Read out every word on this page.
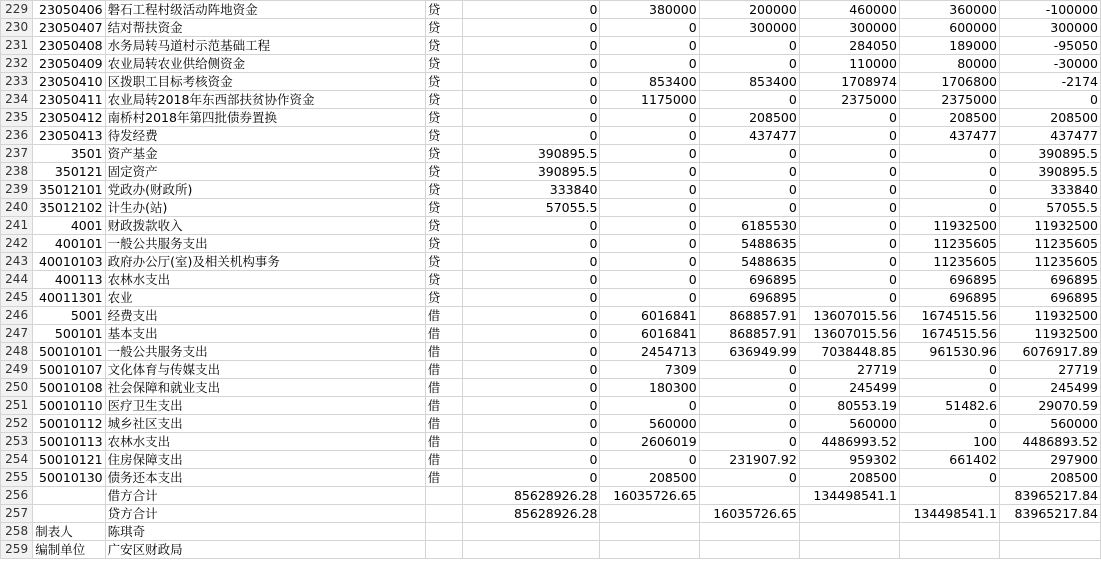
229	23050406	磐石工程村级活动阵地资金	贷	0	380000	200000	460000	360000	-100000
230	23050407	结对帮扶资金	贷	0	0	300000	300000	600000	300000
231	23050408	水务局转马道村示范基础工程	贷	0	0	0	284050	189000	-95050
232	23050409	农业局转农业供给侧资金	贷	0	0	0	110000	80000	-30000
233	23050410	区拨职工目标考核资金	贷	0	853400	853400	1708974	1706800	-2174
234	23050411	农业局转2018年东西部扶贫协作资金	贷	0	1175000	0	2375000	2375000	0
235	23050412	南桥村2018年第四批债券置换	贷	0	0	208500	0	208500	208500
236	23050413	待发经费	贷	0	0	437477	0	437477	437477
237	3501	资产基金	贷	390895.5	0	0	0	0	390895.5
238	350121	固定资产	贷	390895.5	0	0	0	0	390895.5
239	35012101	党政办(财政所)	贷	333840	0	0	0	0	333840
240	35012102	计生办(站)	贷	57055.5	0	0	0	0	57055.5
241	4001	财政拨款收入	贷	0	0	6185530	0	11932500	11932500
242	400101	一般公共服务支出	贷	0	0	5488635	0	11235605	11235605
243	40010103	政府办公厅(室)及相关机构事务	贷	0	0	5488635	0	11235605	11235605
244	400113	农林水支出	贷	0	0	696895	0	696895	696895
245	40011301	农业	贷	0	0	696895	0	696895	696895
246	5001	经费支出	借	0	6016841	868857.91	13607015.56	1674515.56	11932500
247	500101	基本支出	借	0	6016841	868857.91	13607015.56	1674515.56	11932500
248	50010101	一般公共服务支出	借	0	2454713	636949.99	7038448.85	961530.96	6076917.89
249	50010107	文化体育与传媒支出	借	0	7309	0	27719	0	27719
250	50010108	社会保障和就业支出	借	0	180300	0	245499	0	245499
251	50010110	医疗卫生支出	借	0	0	0	80553.19	51482.6	29070.59
252	50010112	城乡社区支出	借	0	560000	0	560000	0	560000
253	50010113	农林水支出	借	0	2606019	0	4486993.52	100	4486893.52
254	50010121	住房保障支出	借	0	0	231907.92	959302	661402	297900
255	50010130	债务还本支出	借	0	208500	0	208500	0	208500
256		借方合计		85628926.28	16035726.65		134498541.1		83965217.84
257		贷方合计		85628926.28		16035726.65		134498541.1	83965217.84
258	制表人	陈琪奇							
259	编制单位	广安区财政局							
